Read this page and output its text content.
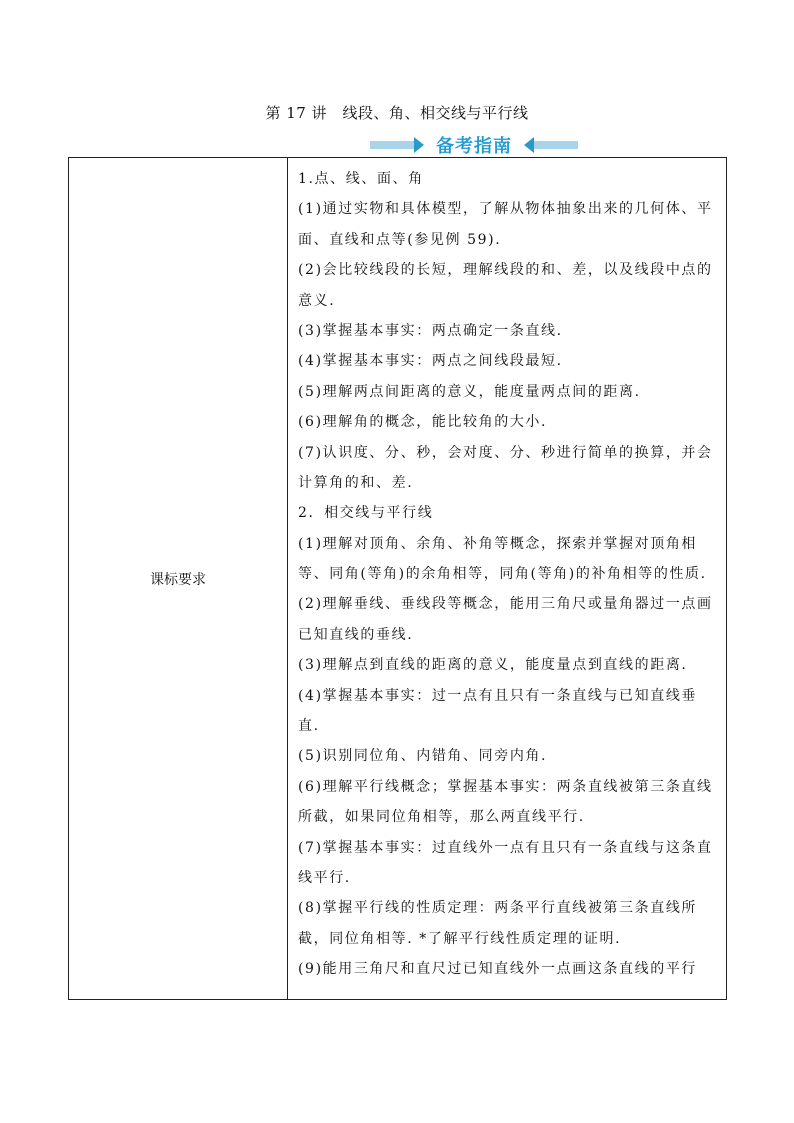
第 17 讲　线段、角、相交线与平行线
备考指南
课标要求
1.点、线、面、角
(1)通过实物和具体模型，了解从物体抽象出来的几何体、平
面、直线和点等(参见例 59).
(2)会比较线段的长短，理解线段的和、差，以及线段中点的
意义.
(3)掌握基本事实：两点确定一条直线.
(4)掌握基本事实：两点之间线段最短.
(5)理解两点间距离的意义，能度量两点间的距离.
(6)理解角的概念，能比较角的大小.
(7)认识度、分、秒，会对度、分、秒进行简单的换算，并会
计算角的和、差.
2．相交线与平行线
(1)理解对顶角、余角、补角等概念，探索并掌握对顶角相
等、同角(等角)的余角相等，同角(等角)的补角相等的性质.
(2)理解垂线、垂线段等概念，能用三角尺或量角器过一点画
已知直线的垂线.
(3)理解点到直线的距离的意义，能度量点到直线的距离.
(4)掌握基本事实：过一点有且只有一条直线与已知直线垂
直.
(5)识别同位角、内错角、同旁内角.
(6)理解平行线概念；掌握基本事实：两条直线被第三条直线
所截，如果同位角相等，那么两直线平行.
(7)掌握基本事实：过直线外一点有且只有一条直线与这条直
线平行.
(8)掌握平行线的性质定理：两条平行直线被第三条直线所
截，同位角相等. *了解平行线性质定理的证明.
(9)能用三角尺和直尺过已知直线外一点画这条直线的平行
